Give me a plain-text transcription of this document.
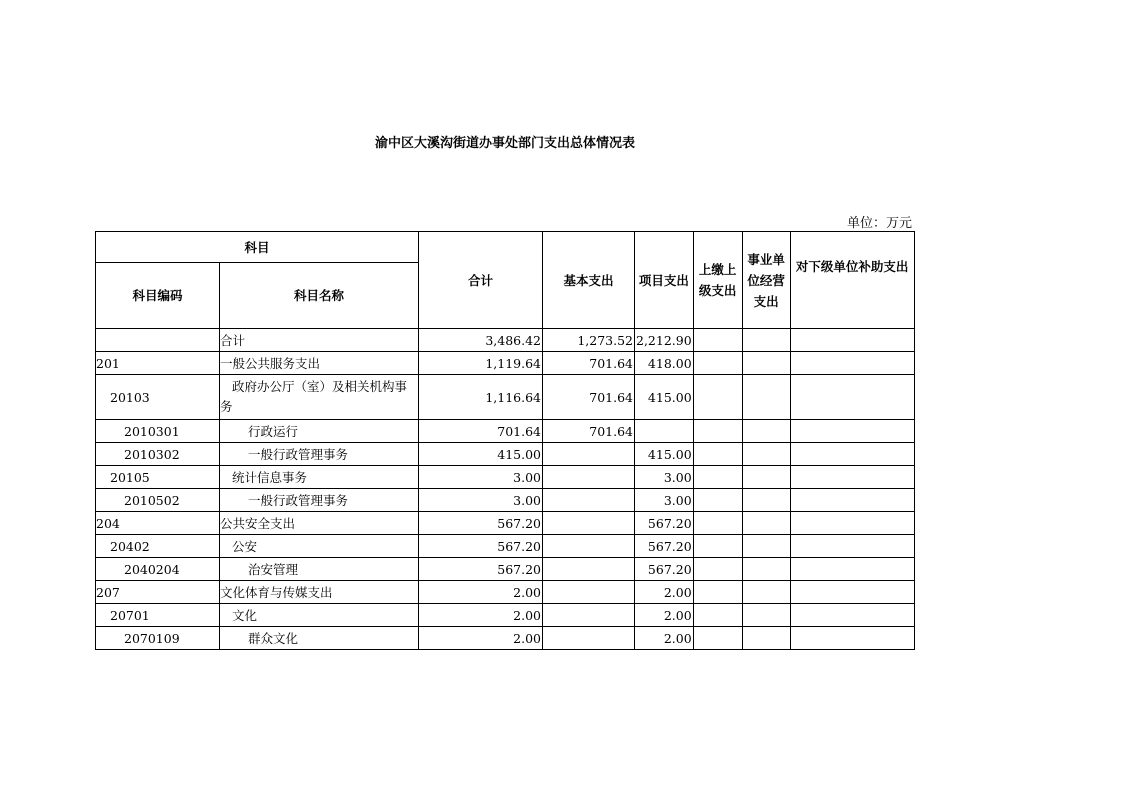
渝中区大溪沟街道办事处部门支出总体情况表
单位：万元
科目		合计	基本支出	项目支出	上缴上级支出	事业单位经营支出	对下级单位补助支出
科目编码	科目名称						
	合计	3,486.42	1,273.52	2,212.90			
201	一般公共服务支出	1,119.64	701.64	418.00			
20103	政府办公厅（室）及相关机构事务	1,116.64	701.64	415.00			
2010301	行政运行	701.64	701.64				
2010302	一般行政管理事务	415.00		415.00			
20105	统计信息事务	3.00		3.00			
2010502	一般行政管理事务	3.00		3.00			
204	公共安全支出	567.20		567.20			
20402	公安	567.20		567.20			
2040204	治安管理	567.20		567.20			
207	文化体育与传媒支出	2.00		2.00			
20701	文化	2.00		2.00			
2070109	群众文化	2.00		2.00			
